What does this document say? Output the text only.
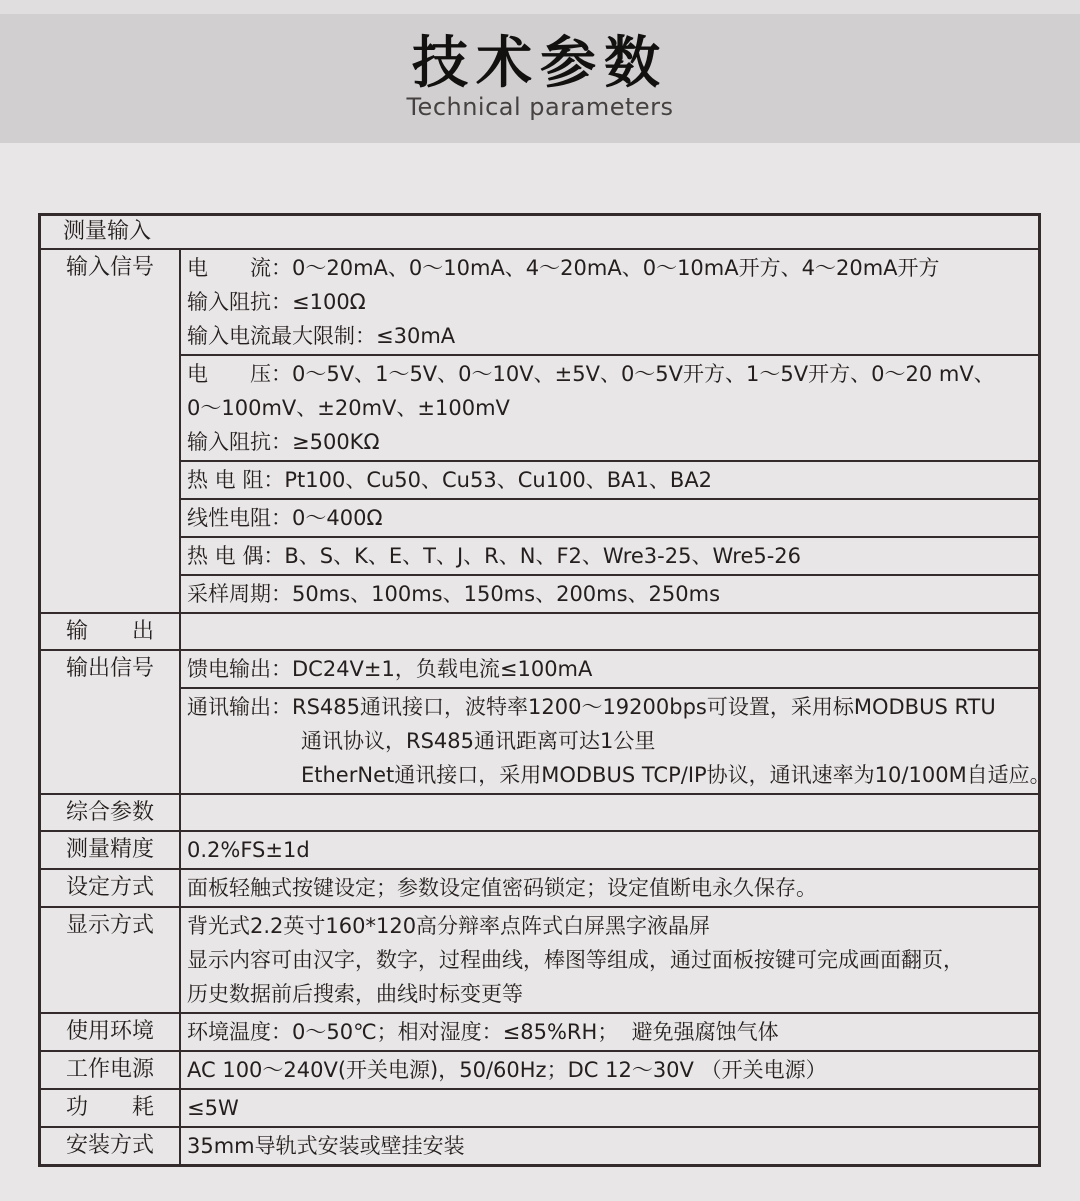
技术参数
Technical parameters
测量输入
输入信号	电　　流：0～20mA、0～10mA、4～20mA、0～10mA开方、4～20mA开方
输入阻抗：≤100Ω
输入电流最大限制：≤30mA
电　　压：0～5V、1～5V、0～10V、±5V、0～5V开方、1～5V开方、0～20 mV、
0～100mV、±20mV、±100mV
输入阻抗：≥500KΩ
热 电 阻：Pt100、Cu50、Cu53、Cu100、BA1、BA2
线性电阻：0～400Ω
热 电 偶：B、S、K、E、T、J、R、N、F2、Wre3-25、Wre5-26
采样周期：50ms、100ms、150ms、200ms、250ms
输　　出
输出信号	馈电输出：DC24V±1，负载电流≤100mA
通讯输出：RS485通讯接口，波特率1200～19200bps可设置，采用标MODBUS RTU
通讯协议，RS485通讯距离可达1公里
EtherNet通讯接口，采用MODBUS TCP/IP协议，通讯速率为10/100M自适应。
综合参数
测量精度	0.2%FS±1d
设定方式	面板轻触式按键设定；参数设定值密码锁定；设定值断电永久保存。
显示方式	背光式2.2英寸160*120高分辩率点阵式白屏黑字液晶屏
显示内容可由汉字，数字，过程曲线，棒图等组成，通过面板按键可完成画面翻页，
历史数据前后搜索，曲线时标变更等
使用环境	环境温度：0～50℃；相对湿度：≤85%RH；  避免强腐蚀气体
工作电源	AC 100～240V(开关电源)，50/60Hz；DC 12～30V （开关电源）
功　　耗	≤5W
安装方式	35mm导轨式安装或壁挂安装
